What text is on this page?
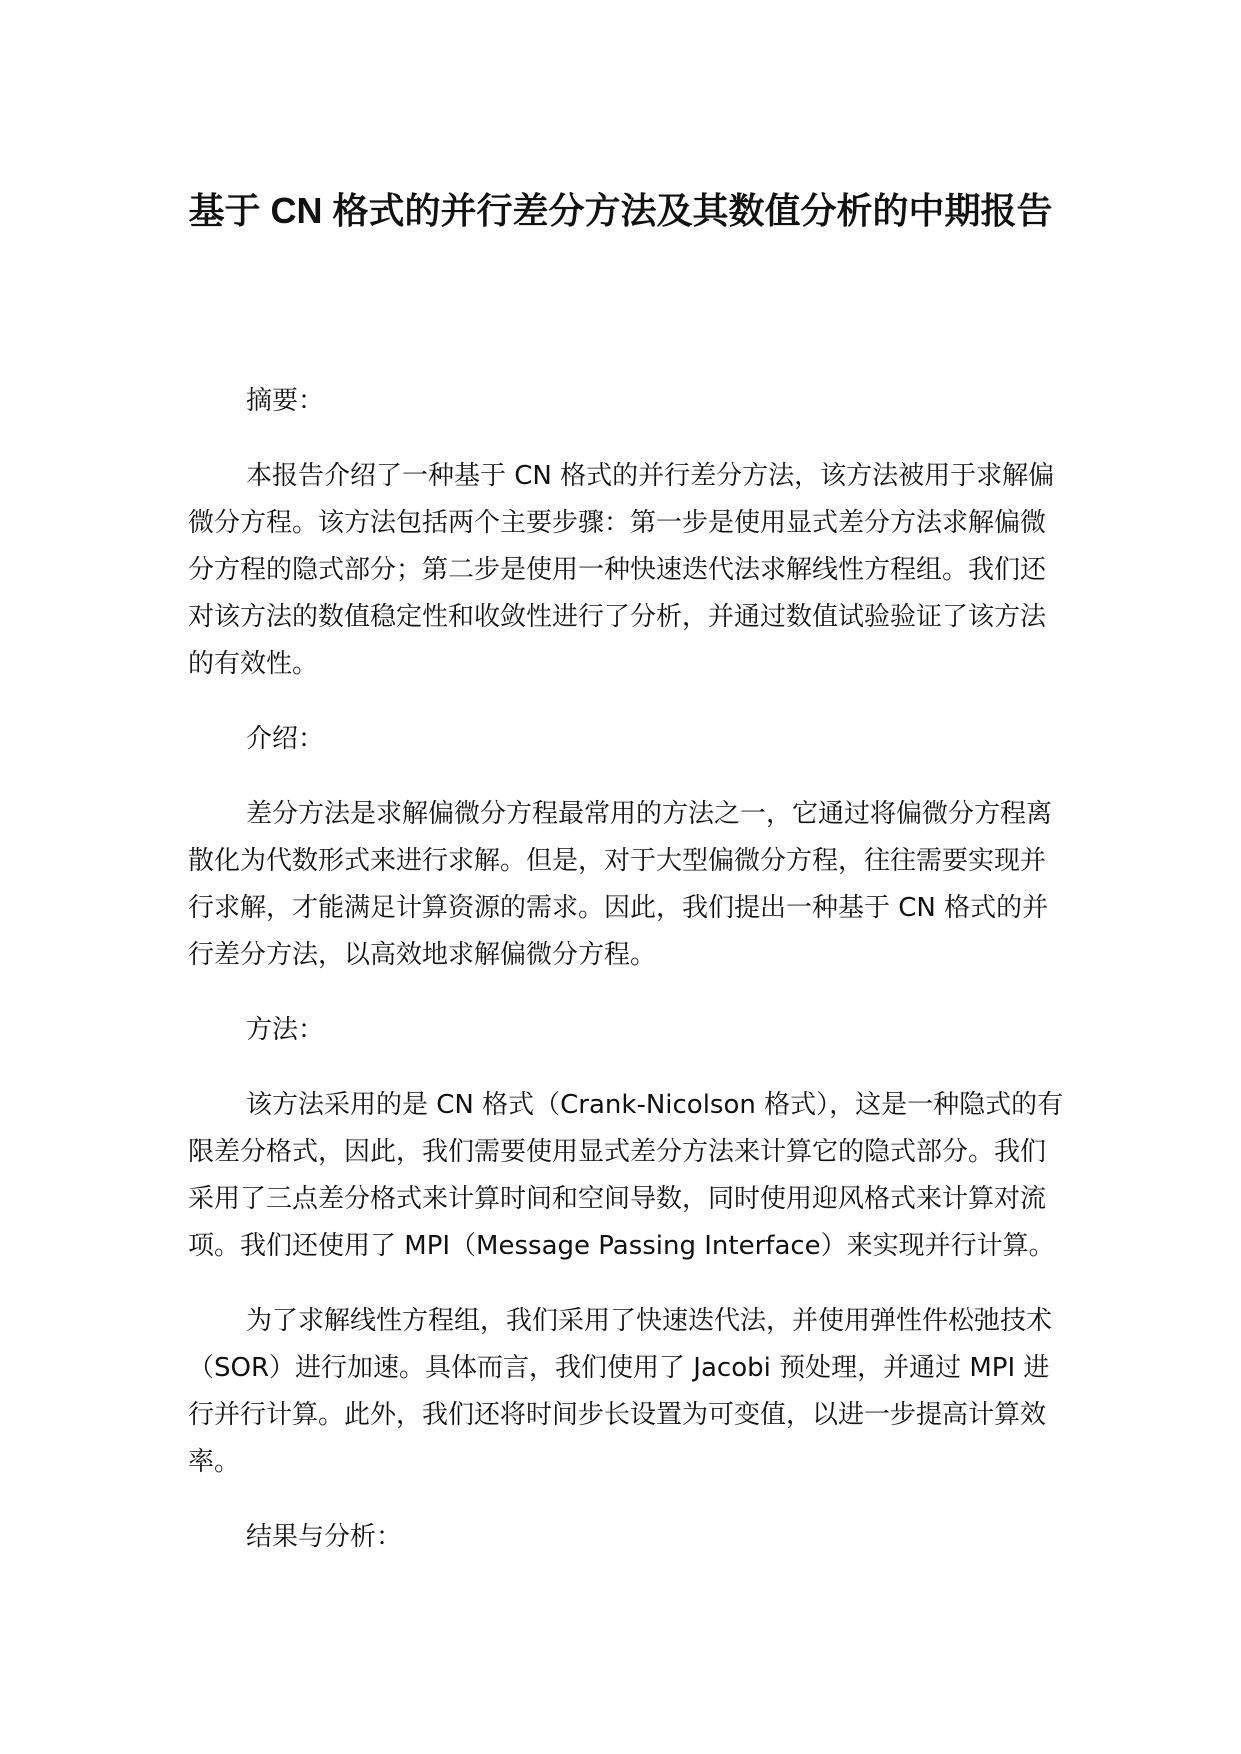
基于 CN 格式的并行差分方法及其数值分析的中期报告

摘要：

本报告介绍了一种基于 CN 格式的并行差分方法，该方法被用于求解偏微分方程。该方法包括两个主要步骤：第一步是使用显式差分方法求解偏微分方程的隐式部分；第二步是使用一种快速迭代法求解线性方程组。我们还对该方法的数值稳定性和收敛性进行了分析，并通过数值试验验证了该方法的有效性。

介绍：

差分方法是求解偏微分方程最常用的方法之一，它通过将偏微分方程离散化为代数形式来进行求解。但是，对于大型偏微分方程，往往需要实现并行求解，才能满足计算资源的需求。因此，我们提出一种基于 CN 格式的并行差分方法，以高效地求解偏微分方程。

方法：

该方法采用的是 CN 格式（Crank-Nicolson 格式），这是一种隐式的有限差分格式，因此，我们需要使用显式差分方法来计算它的隐式部分。我们采用了三点差分格式来计算时间和空间导数，同时使用迎风格式来计算对流项。我们还使用了 MPI（Message Passing Interface）来实现并行计算。

为了求解线性方程组，我们采用了快速迭代法，并使用弹性件松弛技术（SOR）进行加速。具体而言，我们使用了 Jacobi 预处理，并通过 MPI 进行并行计算。此外，我们还将时间步长设置为可变值，以进一步提高计算效率。

结果与分析：
